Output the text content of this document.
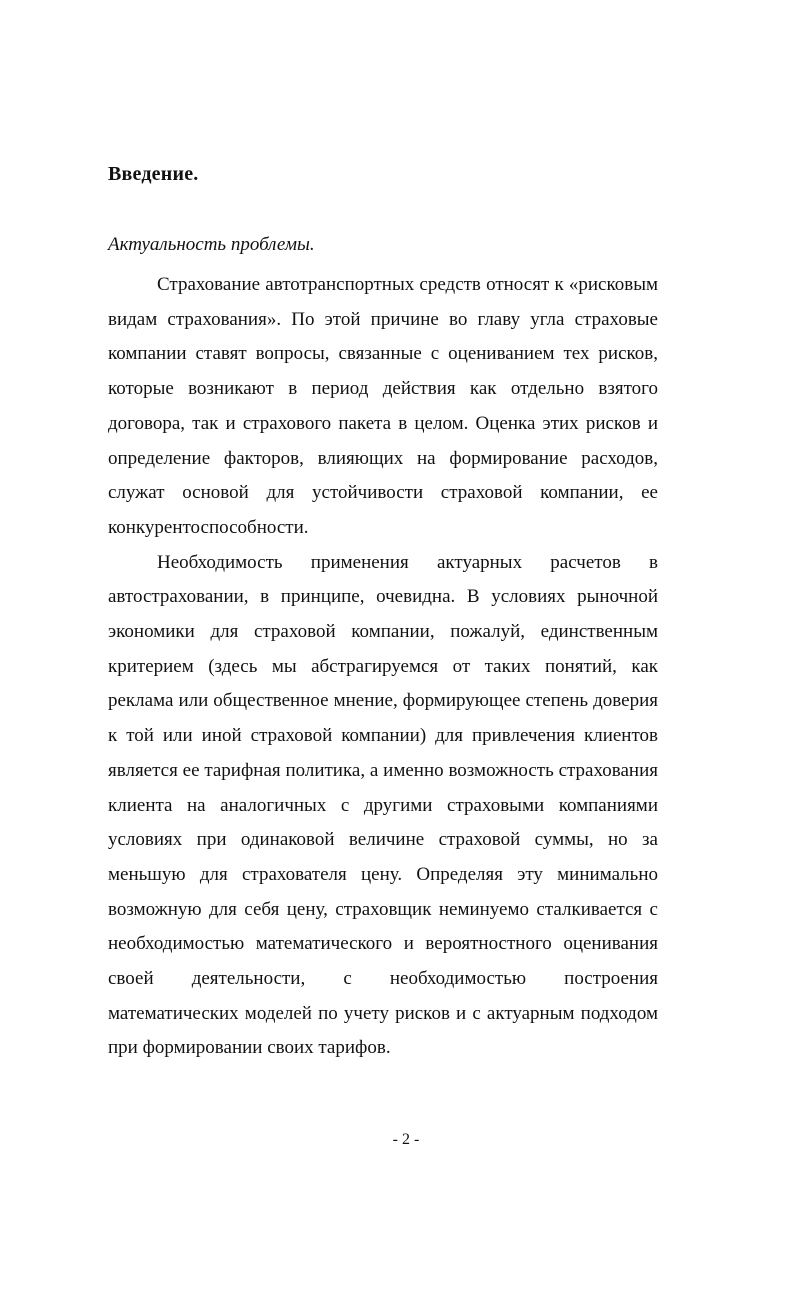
Введение.
Актуальность проблемы.

Страхование автотранспортных средств относят к «рисковым видам страхования». По этой причине во главу угла страховые компании ставят вопросы, связанные с оцениванием тех рисков, которые возникают в период действия как отдельно взятого договора, так и страхового пакета в целом. Оценка этих рисков и определение факторов, влияющих на формирование расходов, служат основой для устойчивости страховой компании, ее конкурентоспособности.

Необходимость применения актуарных расчетов в автостраховании, в принципе, очевидна. В условиях рыночной экономики для страховой компании, пожалуй, единственным критерием (здесь мы абстрагируемся от таких понятий, как реклама или общественное мнение, формирующее степень доверия к той или иной страховой компании) для привлечения клиентов является ее тарифная политика, а именно возможность страхования клиента на аналогичных с другими страховыми компаниями условиях при одинаковой величине страховой суммы, но за меньшую для страхователя цену. Определяя эту минимально возможную для себя цену, страховщик неминуемо сталкивается с необходимостью математического и вероятностного оценивания своей деятельности, с необходимостью построения математических моделей по учету рисков и с актуарным подходом при формировании своих тарифов.

- 2 -
